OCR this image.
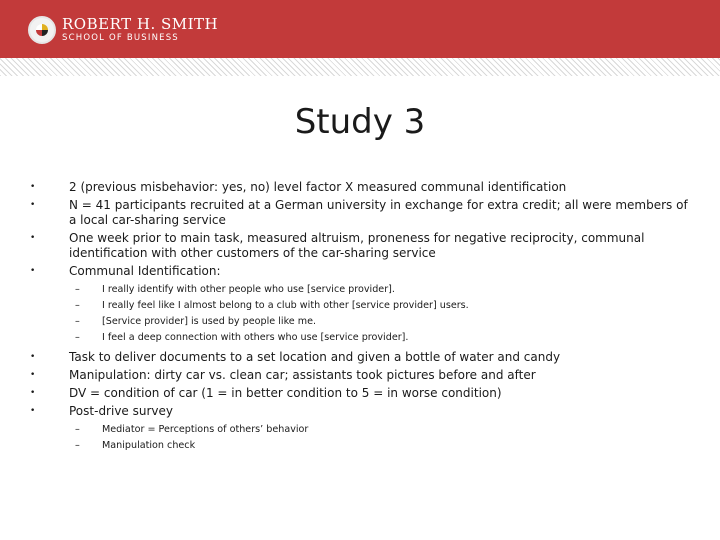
ROBERT H. SMITH
SCHOOL OF BUSINESS
Study 3
•	2 (previous misbehavior: yes, no) level factor X measured communal identification
•	N = 41 participants recruited at a German university in exchange for extra credit; all were members of a local car-sharing service
•	One week prior to main task, measured altruism, proneness for negative reciprocity, communal identification with other customers of the car-sharing service
•	Communal Identification:
– I really identify with other people who use [service provider].
– I really feel like I almost belong to a club with other [service provider] users.
– [Service provider] is used by people like me.
– I feel a deep connection with others who use [service provider].
•	Task to deliver documents to a set location and given a bottle of water and candy
•	Manipulation: dirty car vs. clean car; assistants took pictures before and after
•	DV = condition of car (1 = in better condition to 5 = in worse condition)
•	Post-drive survey
– Mediator = Perceptions of others’ behavior
– Manipulation check
